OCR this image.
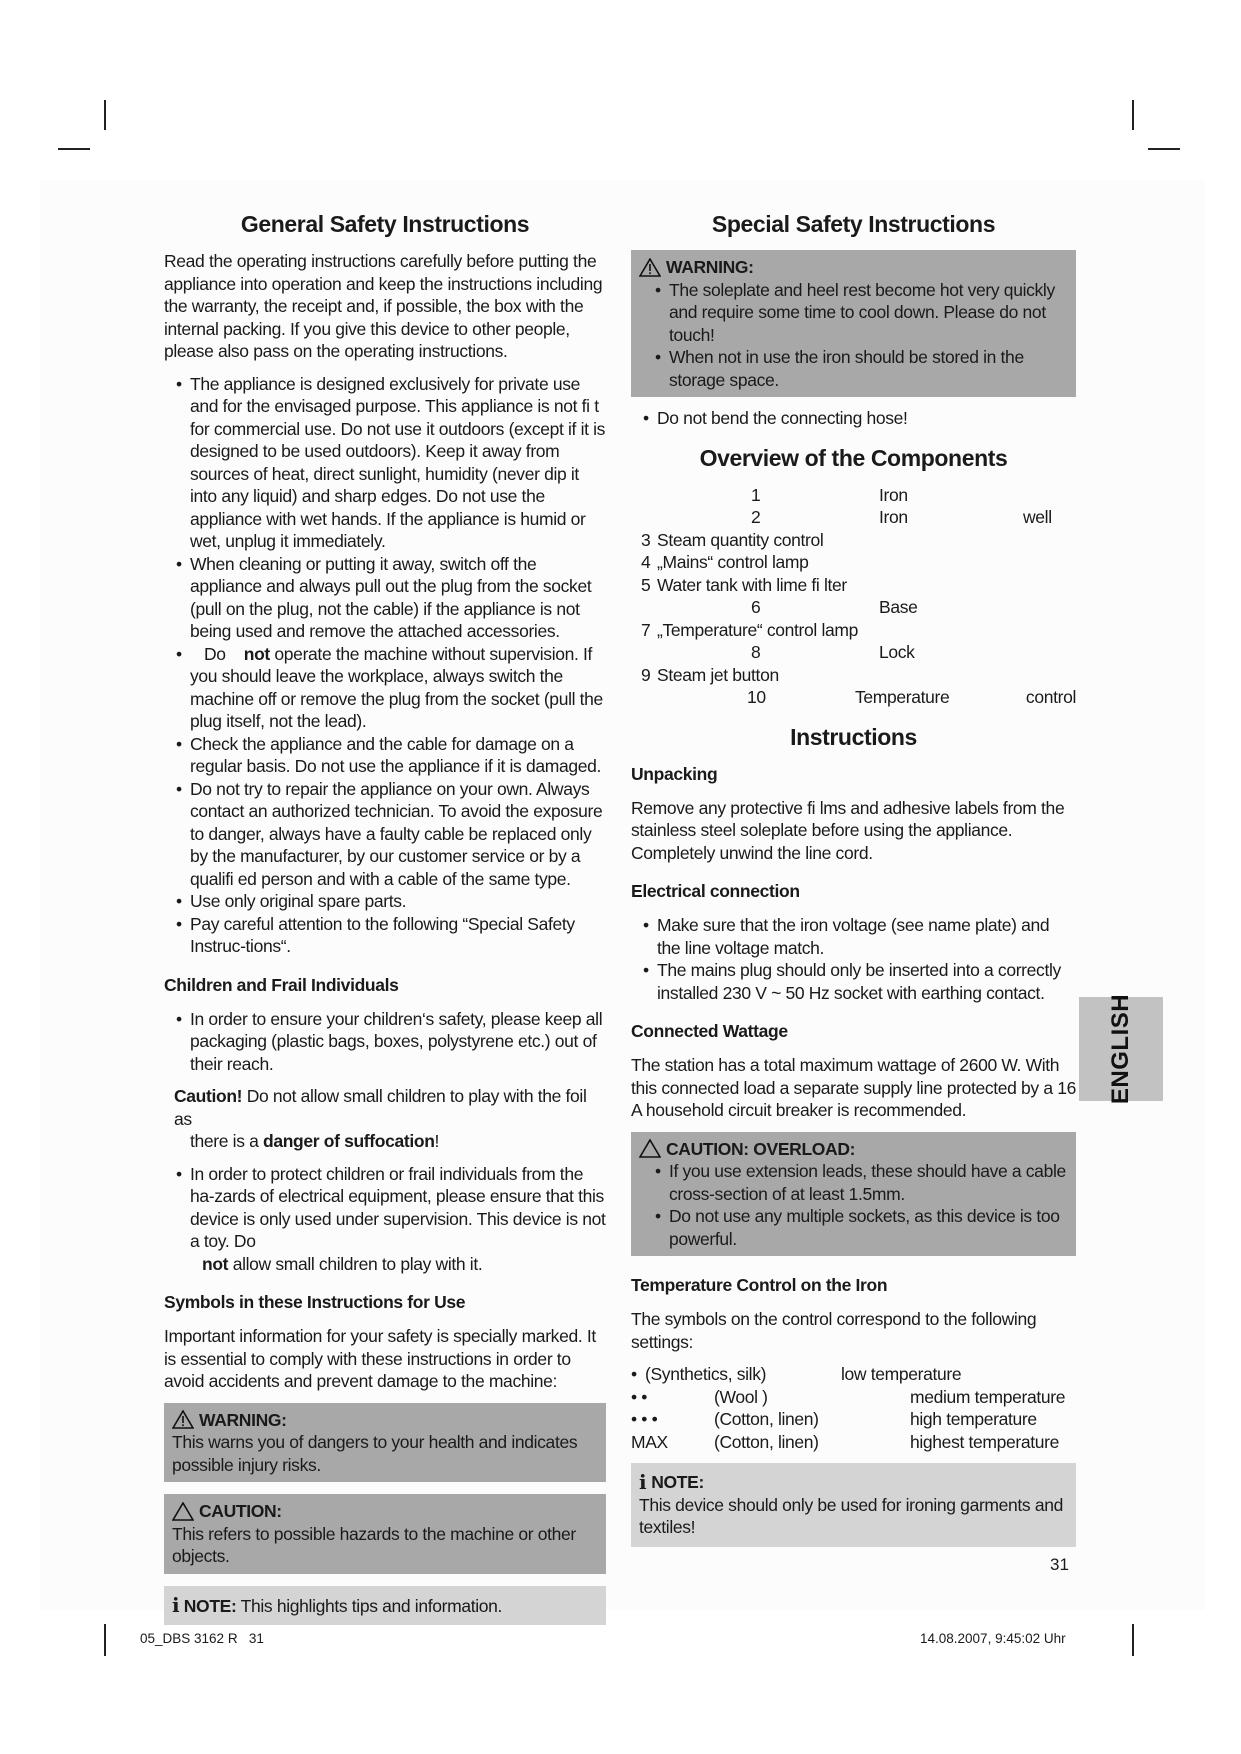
General Safety Instructions

Read the operating instructions carefully before putting the appliance into operation and keep the instructions including the warranty, the receipt and, if possible, the box with the internal packing. If you give this device to other people, please also pass on the operating instructions.

• The appliance is designed exclusively for private use and for the envisaged purpose. This appliance is not fi t for commercial use. Do not use it outdoors (except if it is designed to be used outdoors). Keep it away from sources of heat, direct sunlight, humidity (never dip it into any liquid) and sharp edges. Do not use the appliance with wet hands. If the appliance is humid or wet, unplug it immediately.
• When cleaning or putting it away, switch off the appliance and always pull out the plug from the socket (pull on the plug, not the cable) if the appliance is not being used and remove the attached accessories.
• Do not operate the machine without supervision. If you should leave the workplace, always switch the machine off or remove the plug from the socket (pull the plug itself, not the lead).
• Check the appliance and the cable for damage on a regular basis. Do not use the appliance if it is damaged.
• Do not try to repair the appliance on your own. Always contact an authorized technician. To avoid the exposure to danger, always have a faulty cable be replaced only by the manufacturer, by our customer service or by a qualifi ed person and with a cable of the same type.
• Use only original spare parts.
• Pay careful attention to the following “Special Safety Instruc-tions“.
Children and Frail Individuals
• In order to ensure your children‘s safety, please keep all packaging (plastic bags, boxes, polystyrene etc.) out of their reach.
Caution! Do not allow small children to play with the foil as
there is a danger of suffocation!
• In order to protect children or frail individuals from the ha-zards of electrical equipment, please ensure that this device is only used under supervision. This device is not a toy. Do
not allow small children to play with it.
Symbols in these Instructions for Use

Important information for your safety is specially marked. It is essential to comply with these instructions in order to avoid accidents and prevent damage to the machine:

WARNING:
This warns you of dangers to your health and indicates possible injury risks.
CAUTION:
This refers to possible hazards to the machine or other objects.
i NOTE: This highlights tips and information.
Special Safety Instructions
WARNING:
• The soleplate and heel rest become hot very quickly and require some time to cool down. Please do not touch!
• When not in use the iron should be stored in the storage space.
• Do not bend the connecting hose!
Overview of the Components
1	Iron
2	Iron	well
3 Steam quantity control
4 „Mains“ control lamp
5 Water tank with lime fi lter
6	Base
7 „Temperature“ control lamp
8	Lock
9 Steam jet button
10	Temperature	control
Instructions
Unpacking

Remove any protective fi lms and adhesive labels from the stainless steel soleplate before using the appliance. Completely unwind the line cord.

Electrical connection
• Make sure that the iron voltage (see name plate) and the line voltage match.
• The mains plug should only be inserted into a correctly installed 230 V ~ 50 Hz socket with earthing contact.
Connected Wattage

The station has a total maximum wattage of 2600 W. With this connected load a separate supply line protected by a 16 A household circuit breaker is recommended.

CAUTION: OVERLOAD:
• If you use extension leads, these should have a cable cross-section of at least 1.5mm.
• Do not use any multiple sockets, as this device is too powerful.
Temperature Control on the Iron

The symbols on the control correspond to the following settings:

• (Synthetics, silk)	low temperature
• •	(Wool )	medium temperature
• • •	(Cotton, linen)	high temperature
MAX	(Cotton, linen)	highest temperature
i NOTE:
This device should only be used for ironing garments and textiles!
ENGLISH
31
05_DBS 3162 R   31	14.08.2007, 9:45:02 Uhr
